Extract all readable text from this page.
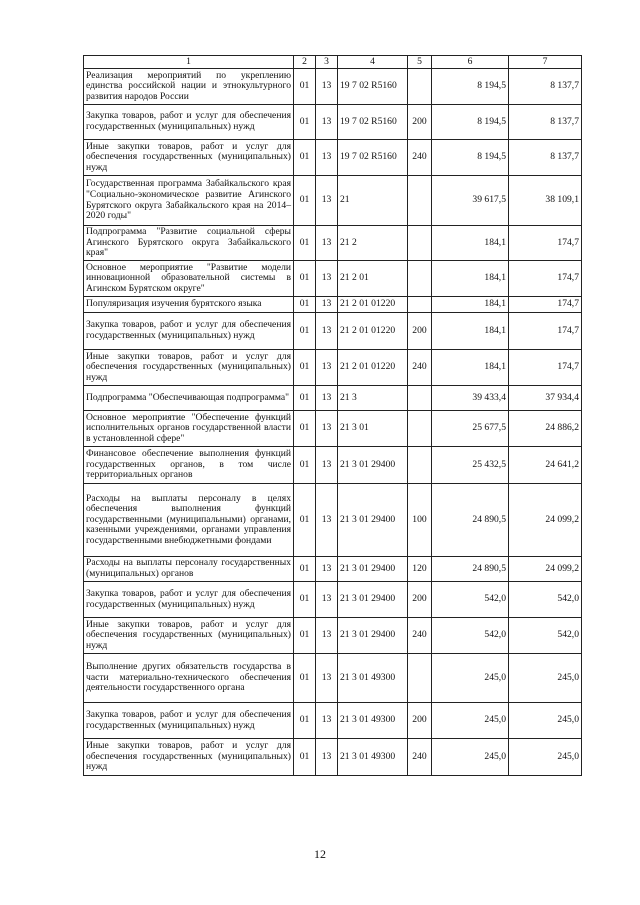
1	2	3	4	5	6	7
Реализация мероприятий по укреплению единства российской нации и этнокультурного развития народов России	01	13	19 7 02 R5160		8 194,5	8 137,7
Закупка товаров, работ и услуг для обеспечения государственных (муниципальных) нужд	01	13	19 7 02 R5160	200	8 194,5	8 137,7
Иные закупки товаров, работ и услуг для обеспечения государственных (муниципальных) нужд	01	13	19 7 02 R5160	240	8 194,5	8 137,7
Государственная программа Забайкальского края "Социально-экономическое развитие Агинского Бурятского округа Забайкальского края на 2014–2020 годы"	01	13	21		39 617,5	38 109,1
Подпрограмма "Развитие социальной сферы Агинского Бурятского округа Забайкальского края"	01	13	21 2		184,1	174,7
Основное мероприятие "Развитие модели инновационной образовательной системы в Агинском Бурятском округе"	01	13	21 2 01		184,1	174,7
Популяризация изучения бурятского языка	01	13	21 2 01 01220		184,1	174,7
Закупка товаров, работ и услуг для обеспечения государственных (муниципальных) нужд	01	13	21 2 01 01220	200	184,1	174,7
Иные закупки товаров, работ и услуг для обеспечения государственных (муниципальных) нужд	01	13	21 2 01 01220	240	184,1	174,7
Подпрограмма "Обеспечивающая подпрограмма"	01	13	21 3		39 433,4	37 934,4
Основное мероприятие "Обеспечение функций исполнительных органов государственной власти в установленной сфере"	01	13	21 3 01		25 677,5	24 886,2
Финансовое обеспечение выполнения функций государственных органов, в том числе территориальных органов	01	13	21 3 01 29400		25 432,5	24 641,2
Расходы на выплаты персоналу в целях обеспечения выполнения функций государственными (муниципальными) органами, казенными учреждениями, органами управления государственными внебюджетными фондами	01	13	21 3 01 29400	100	24 890,5	24 099,2
Расходы на выплаты персоналу государственных (муниципальных) органов	01	13	21 3 01 29400	120	24 890,5	24 099,2
Закупка товаров, работ и услуг для обеспечения государственных (муниципальных) нужд	01	13	21 3 01 29400	200	542,0	542,0
Иные закупки товаров, работ и услуг для обеспечения государственных (муниципальных) нужд	01	13	21 3 01 29400	240	542,0	542,0
Выполнение других обязательств государства в части материально-технического обеспечения деятельности государственного органа	01	13	21 3 01 49300		245,0	245,0
Закупка товаров, работ и услуг для обеспечения государственных (муниципальных) нужд	01	13	21 3 01 49300	200	245,0	245,0
Иные закупки товаров, работ и услуг для обеспечения государственных (муниципальных) нужд	01	13	21 3 01 49300	240	245,0	245,0
12
